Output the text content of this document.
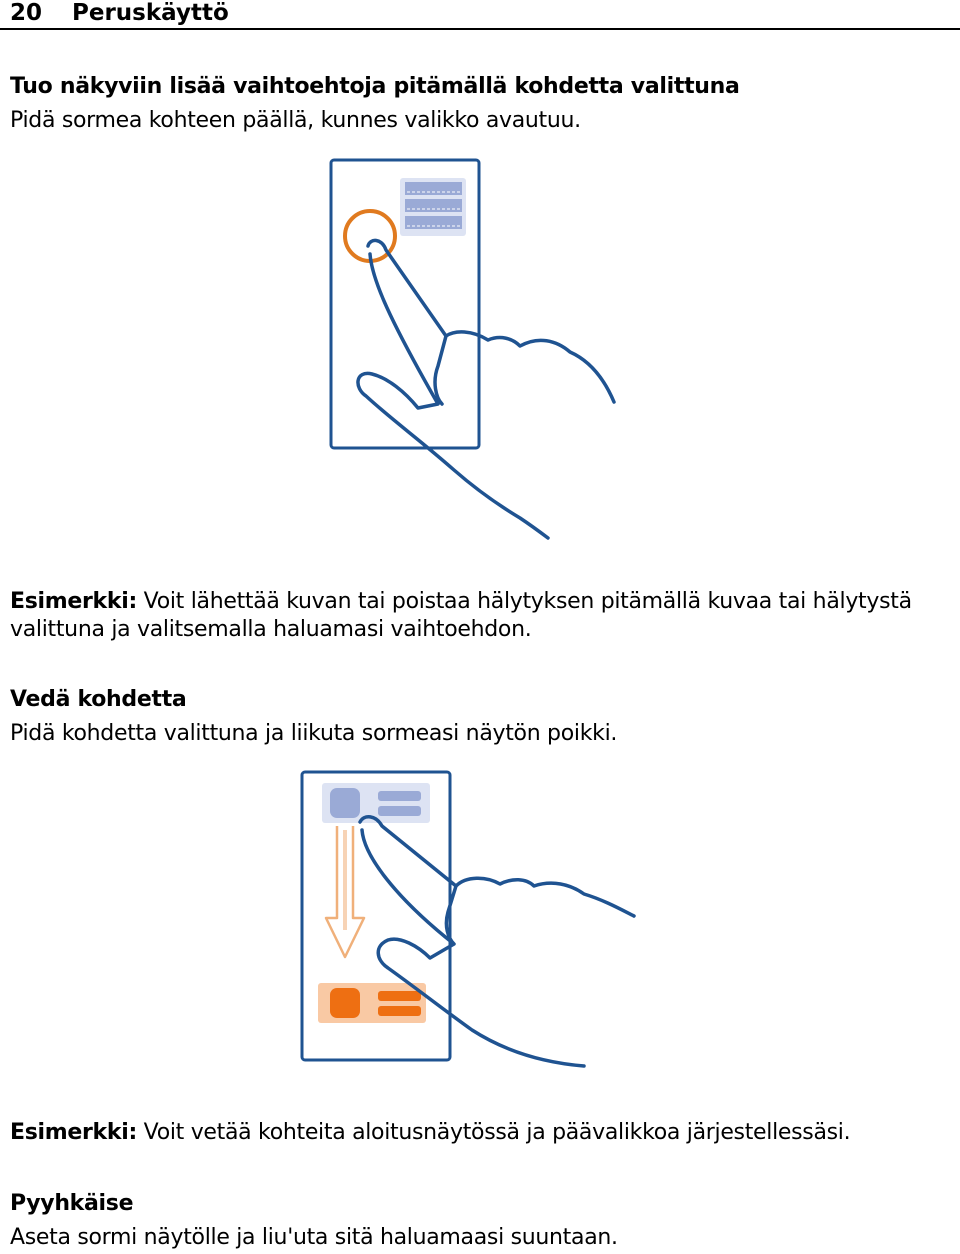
20 Peruskäyttö
Tuo näkyviin lisää vaihtoehtoja pitämällä kohdetta valittuna
Pidä sormea kohteen päällä, kunnes valikko avautuu.
Esimerkki: Voit lähettää kuvan tai poistaa hälytyksen pitämällä kuvaa tai hälytystä
valittuna ja valitsemalla haluamasi vaihtoehdon.
Vedä kohdetta
Pidä kohdetta valittuna ja liikuta sormeasi näytön poikki.
Esimerkki: Voit vetää kohteita aloitusnäytössä ja päävalikkoa järjestellessäsi.
Pyyhkäise
Aseta sormi näytölle ja liu'uta sitä haluamaasi suuntaan.
